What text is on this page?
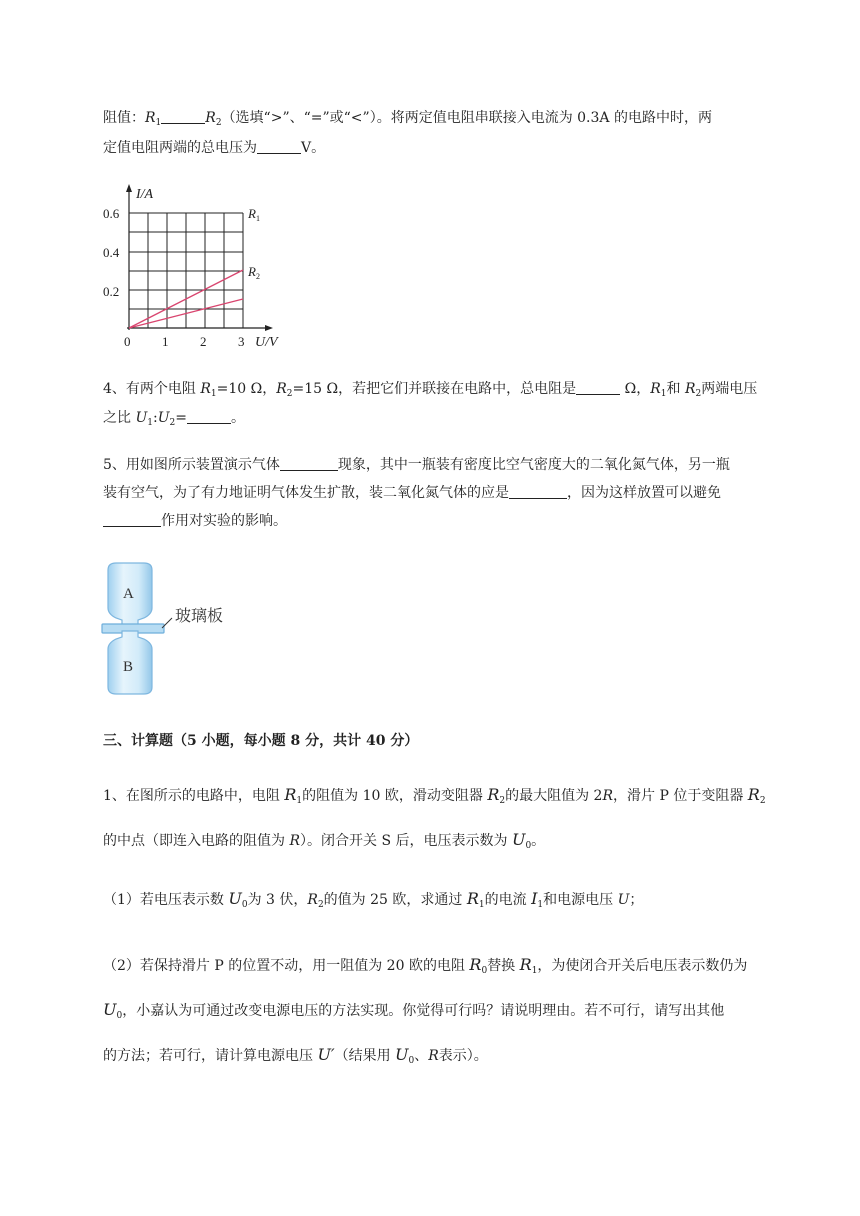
阻值：$R_1$	$R_2$（选填“>”、“=”或“<”）。将两定值电阻串联接入电流为 0.3A 的电路中时，两
定值电阻两端的总电压为	V。
I/A
U/V
0.6
0.4
0.2
0 1 2 3
$R_1$
$R_2$
4、有两个电阻 $R_1=10$ Ω，$R_2=15$ Ω，若把它们并联接在电路中，总电阻是	Ω，$R_1$和 $R_2$两端电压
之比 $U_1:U_2=$	。
5、用如图所示装置演示气体	现象，其中一瓶装有密度比空气密度大的二氧化氮气体，另一瓶
装有空气，为了有力地证明气体发生扩散，装二氧化氮气体的应是	，因为这样放置可以避免
作用对实验的影响。
A
B
玻璃板
三、计算题（5 小题，每小题 8 分，共计 40 分）
1、在图所示的电路中，电阻 $R_1$的阻值为 10 欧，滑动变阻器 $R_2$的最大阻值为 2R，滑片 P 位于变阻器 $R_2$
的中点（即连入电路的阻值为 R）。闭合开关 S 后，电压表示数为 $U_0$。
（1）若电压表示数 $U_0$为 3 伏，$R_2$的值为 25 欧，求通过 $R_1$的电流 $I_1$和电源电压 U；
（2）若保持滑片 P 的位置不动，用一阻值为 20 欧的电阻 $R_0$替换 $R_1$，为使闭合开关后电压表示数仍为
$U_0$，小嘉认为可通过改变电源电压的方法实现。你觉得可行吗？请说明理由。若不可行，请写出其他
的方法；若可行，请计算电源电压 U′（结果用 $U_0$、R表示）。
